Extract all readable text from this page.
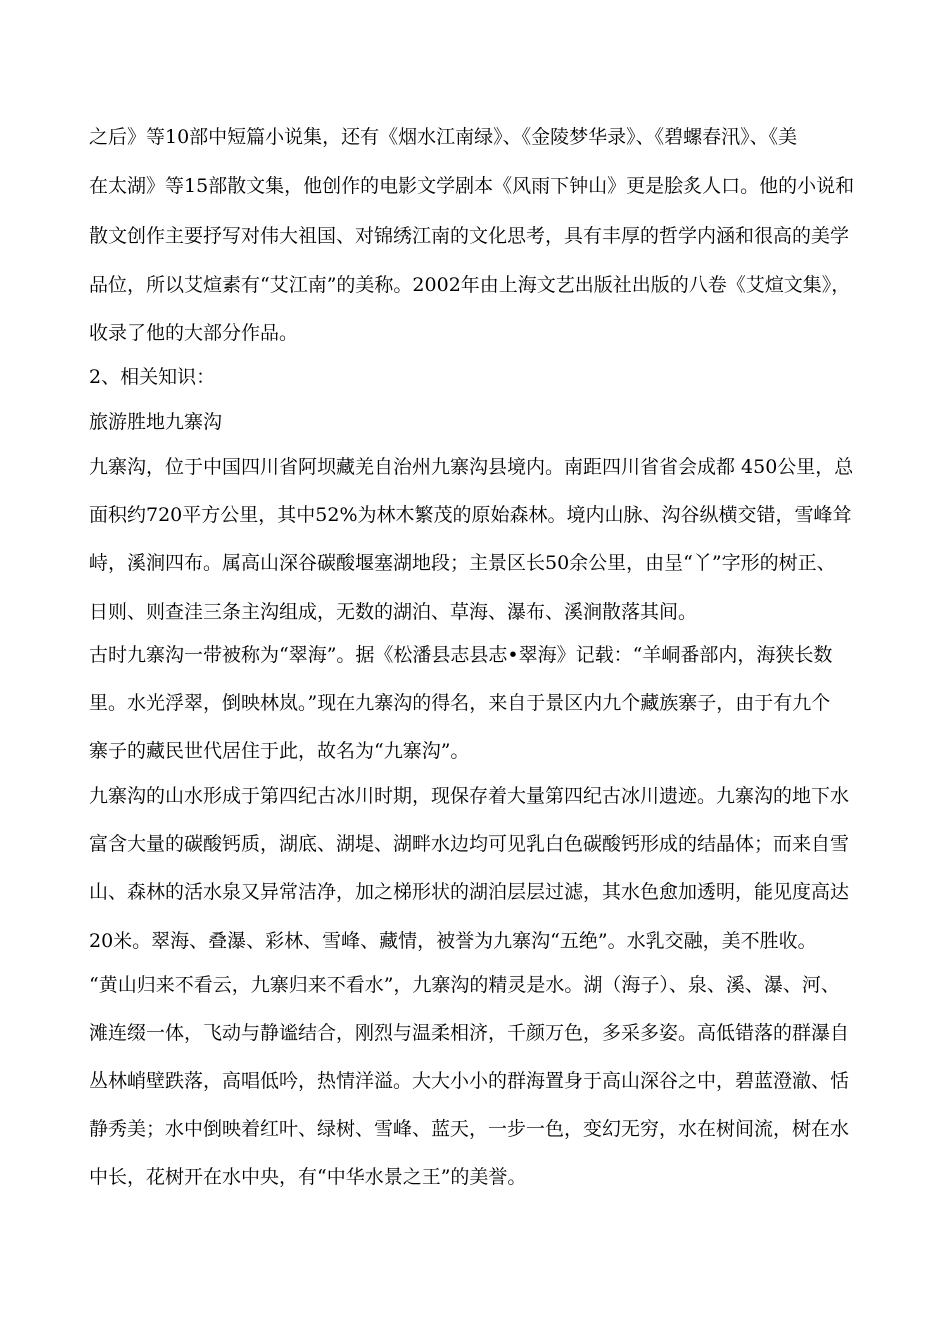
之后》等10部中短篇小说集，还有《烟水江南绿》、《金陵梦华录》、《碧螺春汛》、《美
在太湖》等15部散文集，他创作的电影文学剧本《风雨下钟山》更是脍炙人口。他的小说和
散文创作主要抒写对伟大祖国、对锦绣江南的文化思考，具有丰厚的哲学内涵和很高的美学
品位，所以艾煊素有“艾江南”的美称。2002年由上海文艺出版社出版的八卷《艾煊文集》，
收录了他的大部分作品。
2、相关知识：
旅游胜地九寨沟
九寨沟，位于中国四川省阿坝藏羌自治州九寨沟县境内。南距四川省省会成都 450公里，总
面积约720平方公里，其中52%为林木繁茂的原始森林。境内山脉、沟谷纵横交错，雪峰耸
峙，溪涧四布。属高山深谷碳酸堰塞湖地段；主景区长50余公里，由呈“丫”字形的树正、
日则、则查洼三条主沟组成，无数的湖泊、草海、瀑布、溪涧散落其间。
古时九寨沟一带被称为“翠海”。据《松潘县志县志•翠海》记载：“羊峒番部内，海狭长数
里。水光浮翠，倒映林岚。”现在九寨沟的得名，来自于景区内九个藏族寨子，由于有九个
寨子的藏民世代居住于此，故名为“九寨沟”。
九寨沟的山水形成于第四纪古冰川时期，现保存着大量第四纪古冰川遗迹。九寨沟的地下水
富含大量的碳酸钙质，湖底、湖堤、湖畔水边均可见乳白色碳酸钙形成的结晶体；而来自雪
山、森林的活水泉又异常洁净，加之梯形状的湖泊层层过滤，其水色愈加透明，能见度高达
20米。翠海、叠瀑、彩林、雪峰、藏情，被誉为九寨沟“五绝”。水乳交融，美不胜收。
“黄山归来不看云，九寨归来不看水”，九寨沟的精灵是水。湖（海子）、泉、溪、瀑、河、
滩连缀一体，飞动与静谧结合，刚烈与温柔相济，千颜万色，多采多姿。高低错落的群瀑自
丛林峭壁跌落，高唱低吟，热情洋溢。大大小小的群海置身于高山深谷之中，碧蓝澄澈、恬
静秀美；水中倒映着红叶、绿树、雪峰、蓝天，一步一色，变幻无穷，水在树间流，树在水
中长，花树开在水中央，有“中华水景之王”的美誉。
